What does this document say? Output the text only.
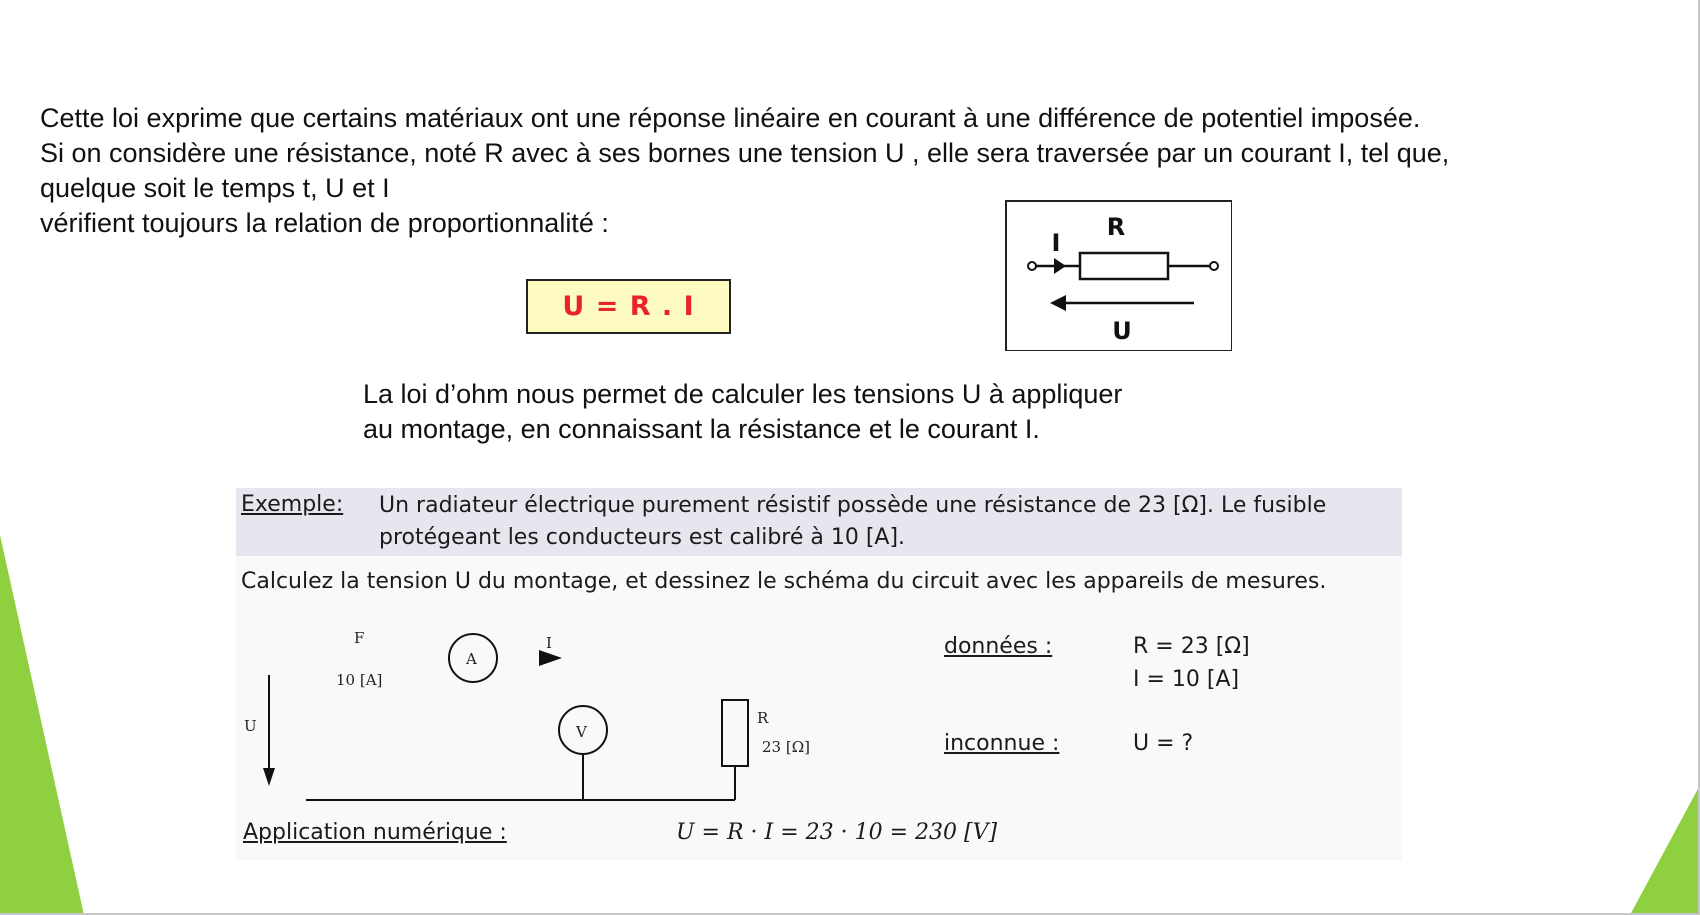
Cette loi exprime que certains matériaux ont une réponse linéaire en courant à une différence de potentiel imposée.
Si on considère une résistance, noté R avec à ses bornes une tension U , elle sera traversée par un courant I, tel que,
quelque soit le temps t, U et I
vérifient toujours la relation de proportionnalité :
U = R . I
R
I
U
La loi d’ohm nous permet de calculer les tensions U à appliquer
au montage, en connaissant la résistance et le courant I.
Exemple: Un radiateur électrique purement résistif possède une résistance de 23 [Ω]. Le fusible
protégeant les conducteurs est calibré à 10 [A].
Calculez la tension U du montage, et dessinez le schéma du circuit avec les appareils de mesures.
F
10 [A]
A
I
V
U	R
23 [Ω]
données :	R = 23 [Ω]
I = 10 [A]
inconnue :	U = ?
Application numérique :	U = R · I = 23 · 10 = 230 [V]
